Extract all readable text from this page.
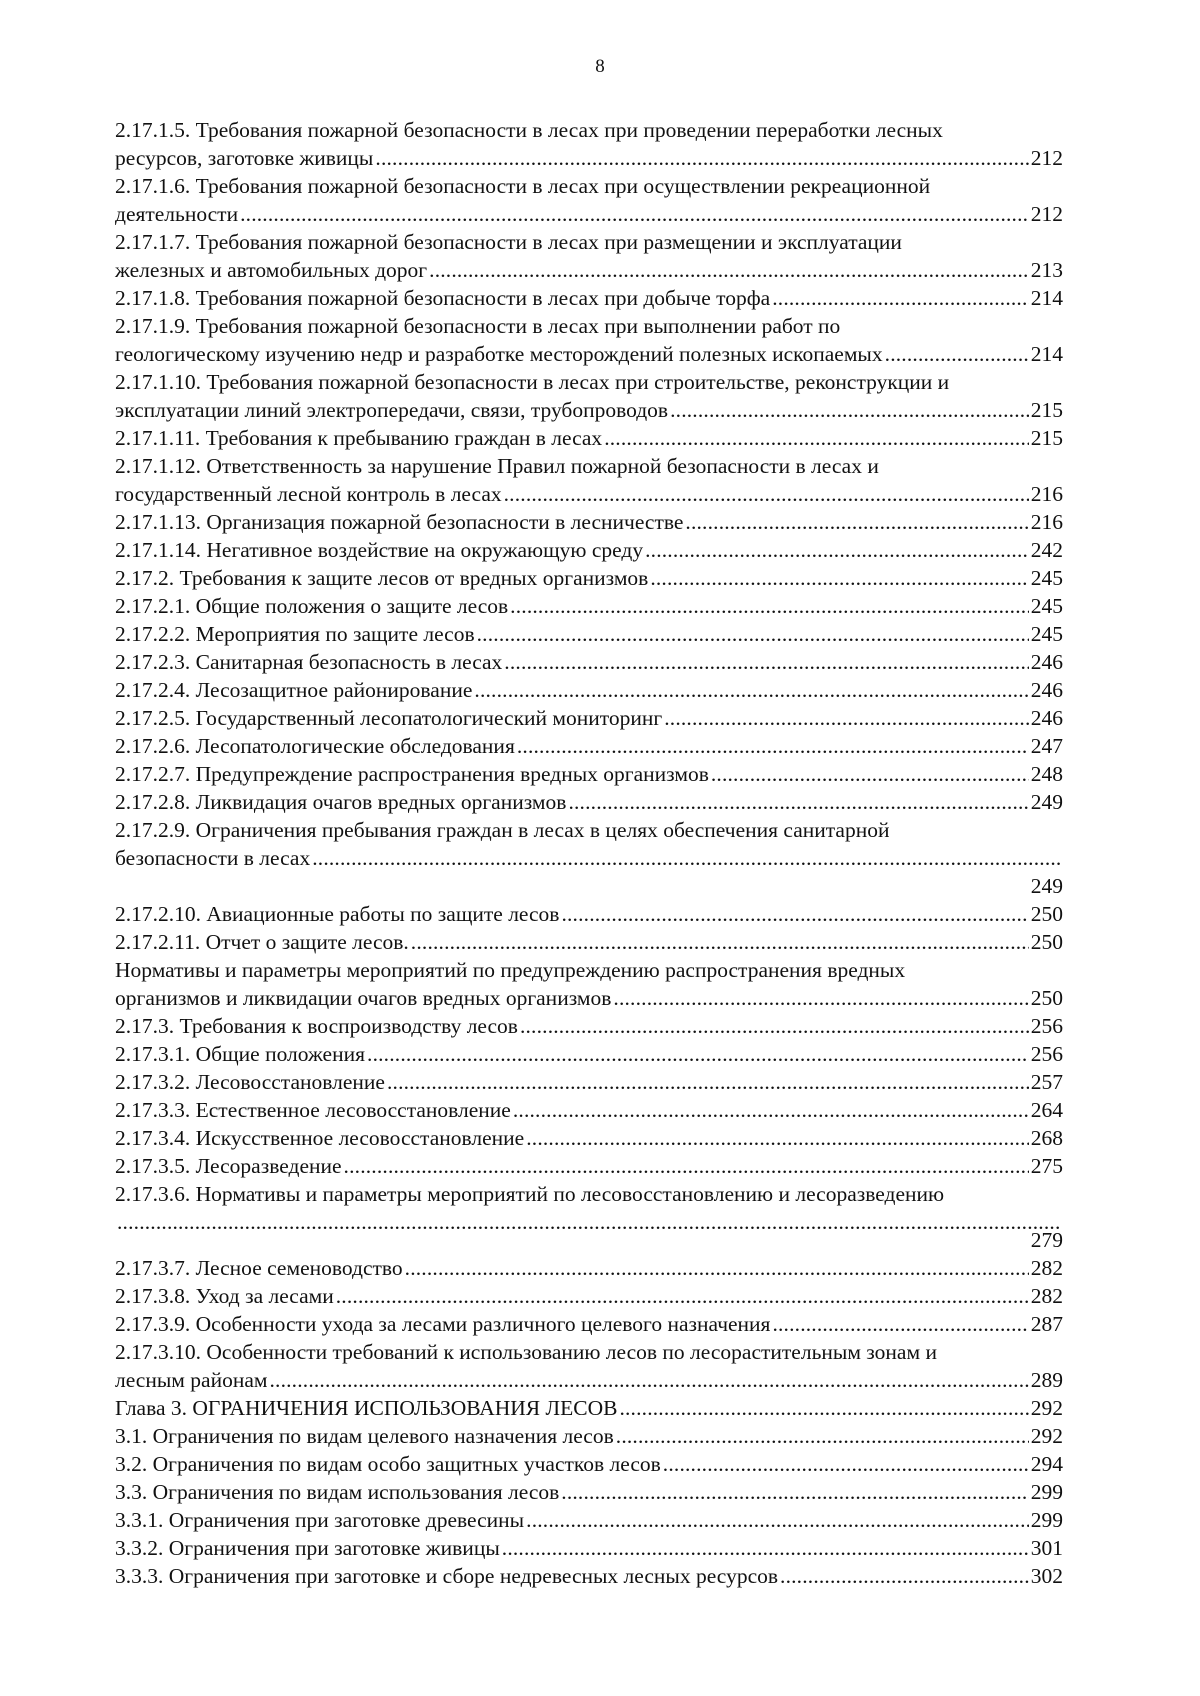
8
2.17.1.5. Требования пожарной безопасности в лесах при проведении переработки лесных
ресурсов, заготовке живицы . . .	212
2.17.1.6. Требования пожарной безопасности в лесах при осуществлении рекреационной
деятельности . . .	212
2.17.1.7. Требования пожарной безопасности в лесах при размещении и эксплуатации
железных и автомобильных дорог . . .	213
2.17.1.8. Требования пожарной безопасности в лесах при добыче торфа . . .	214
2.17.1.9. Требования пожарной безопасности в лесах при выполнении работ по
геологическому изучению недр и разработке месторождений полезных ископаемых . . .	214
2.17.1.10. Требования пожарной безопасности в лесах при строительстве, реконструкции и
эксплуатации линий электропередачи, связи, трубопроводов . . .	215
2.17.1.11. Требования к пребыванию граждан в лесах . . .	215
2.17.1.12. Ответственность за нарушение Правил пожарной безопасности в лесах и
государственный лесной контроль в лесах . . .	216
2.17.1.13. Организация пожарной безопасности в лесничестве . . .	216
2.17.1.14. Негативное воздействие на окружающую среду . . .	242
2.17.2. Требования к защите лесов от вредных организмов . . .	245
2.17.2.1. Общие положения о защите лесов . . .	245
2.17.2.2. Мероприятия по защите лесов . . .	245
2.17.2.3. Санитарная безопасность в лесах . . .	246
2.17.2.4. Лесозащитное районирование . . .	246
2.17.2.5. Государственный лесопатологический мониторинг . . .	246
2.17.2.6. Лесопатологические обследования . . .	247
2.17.2.7. Предупреждение распространения вредных организмов . . .	248
2.17.2.8. Ликвидация очагов вредных организмов . . .	249
2.17.2.9. Ограничения пребывания граждан в лесах в целях обеспечения санитарной
безопасности в лесах
. . .
249
2.17.2.10. Авиационные работы по защите лесов . . .	250
2.17.2.11. Отчет о защите лесов. . . .	250
Нормативы и параметры мероприятий по предупреждению распространения вредных
организмов и ликвидации очагов вредных организмов . . .	250
2.17.3. Требования к воспроизводству лесов . . .	256
2.17.3.1. Общие положения . . .	256
2.17.3.2. Лесовосстановление . . .	257
2.17.3.3. Естественное лесовосстановление . . .	264
2.17.3.4. Искусственное лесовосстановление . . .	268
2.17.3.5. Лесоразведение . . .	275
2.17.3.6. Нормативы и параметры мероприятий по лесовосстановлению и лесоразведению
. . .
279
2.17.3.7. Лесное семеноводство . . .	282
2.17.3.8. Уход за лесами . . .	282
2.17.3.9. Особенности ухода за лесами различного целевого назначения . . .	287
2.17.3.10. Особенности требований к использованию лесов по лесорастительным зонам и
лесным районам . . .	289
Глава 3. ОГРАНИЧЕНИЯ ИСПОЛЬЗОВАНИЯ ЛЕСОВ . . .	292
3.1. Ограничения по видам целевого назначения лесов . . .	292
3.2. Ограничения по видам особо защитных участков лесов . . .	294
3.3. Ограничения по видам использования лесов . . .	299
3.3.1. Ограничения при заготовке древесины . . .	299
3.3.2. Ограничения при заготовке живицы . . .	301
3.3.3. Ограничения при заготовке и сборе недревесных лесных ресурсов . . .	302
